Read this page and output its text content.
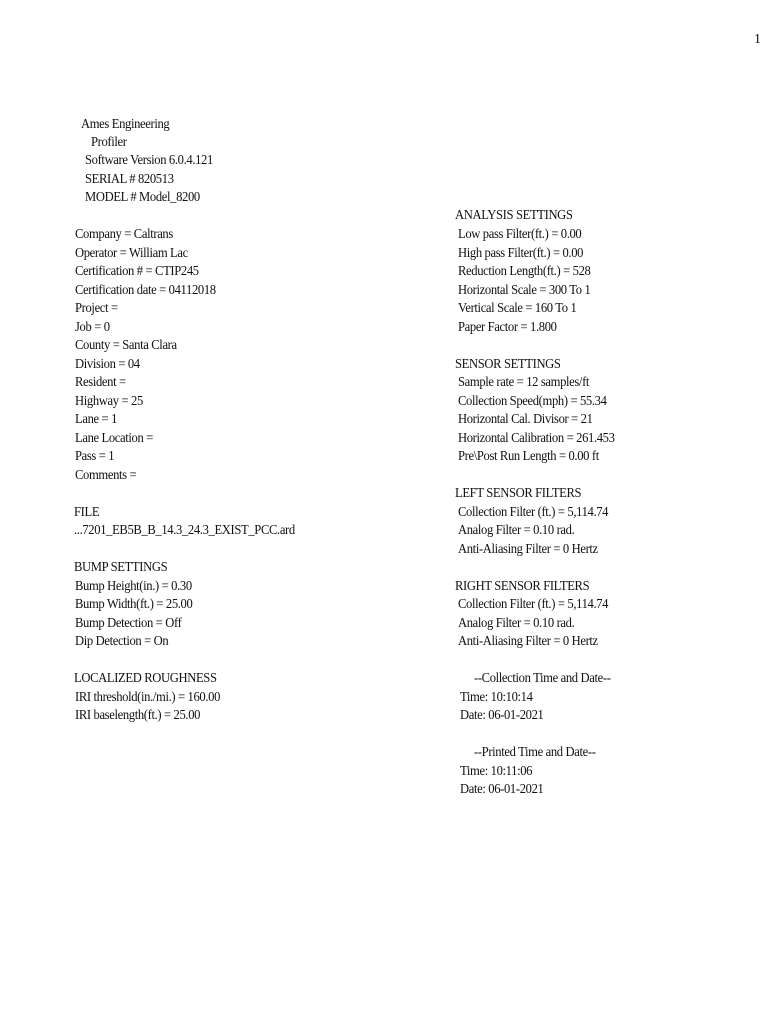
1
Ames Engineering
Profiler
Software Version 6.0.4.121
SERIAL # 820513
MODEL # Model_8200
Company = Caltrans
Operator = William Lac
Certification # = CTIP245
Certification date = 04112018
Project =
Job = 0
County = Santa Clara
Division = 04
Resident =
Highway = 25
Lane = 1
Lane Location =
Pass = 1
Comments =
FILE
...7201_EB5B_B_14.3_24.3_EXIST_PCC.ard
BUMP SETTINGS
Bump Height(in.) = 0.30
Bump Width(ft.) = 25.00
Bump Detection = Off
Dip Detection = On
LOCALIZED ROUGHNESS
IRI threshold(in./mi.) = 160.00
IRI baselength(ft.) = 25.00
ANALYSIS SETTINGS
Low pass Filter(ft.) = 0.00
High pass Filter(ft.) = 0.00
Reduction Length(ft.) = 528
Horizontal Scale = 300 To 1
Vertical Scale = 160 To 1
Paper Factor = 1.800
SENSOR SETTINGS
Sample rate = 12 samples/ft
Collection Speed(mph) = 55.34
Horizontal Cal. Divisor = 21
Horizontal Calibration = 261.453
Pre\Post Run Length = 0.00 ft
LEFT SENSOR FILTERS
Collection Filter (ft.) = 5,114.74
Analog Filter = 0.10 rad.
Anti-Aliasing Filter = 0 Hertz
RIGHT SENSOR FILTERS
Collection Filter (ft.) = 5,114.74
Analog Filter = 0.10 rad.
Anti-Aliasing Filter = 0 Hertz
--Collection Time and Date--
Time: 10:10:14
Date: 06-01-2021
--Printed Time and Date--
Time: 10:11:06
Date: 06-01-2021
